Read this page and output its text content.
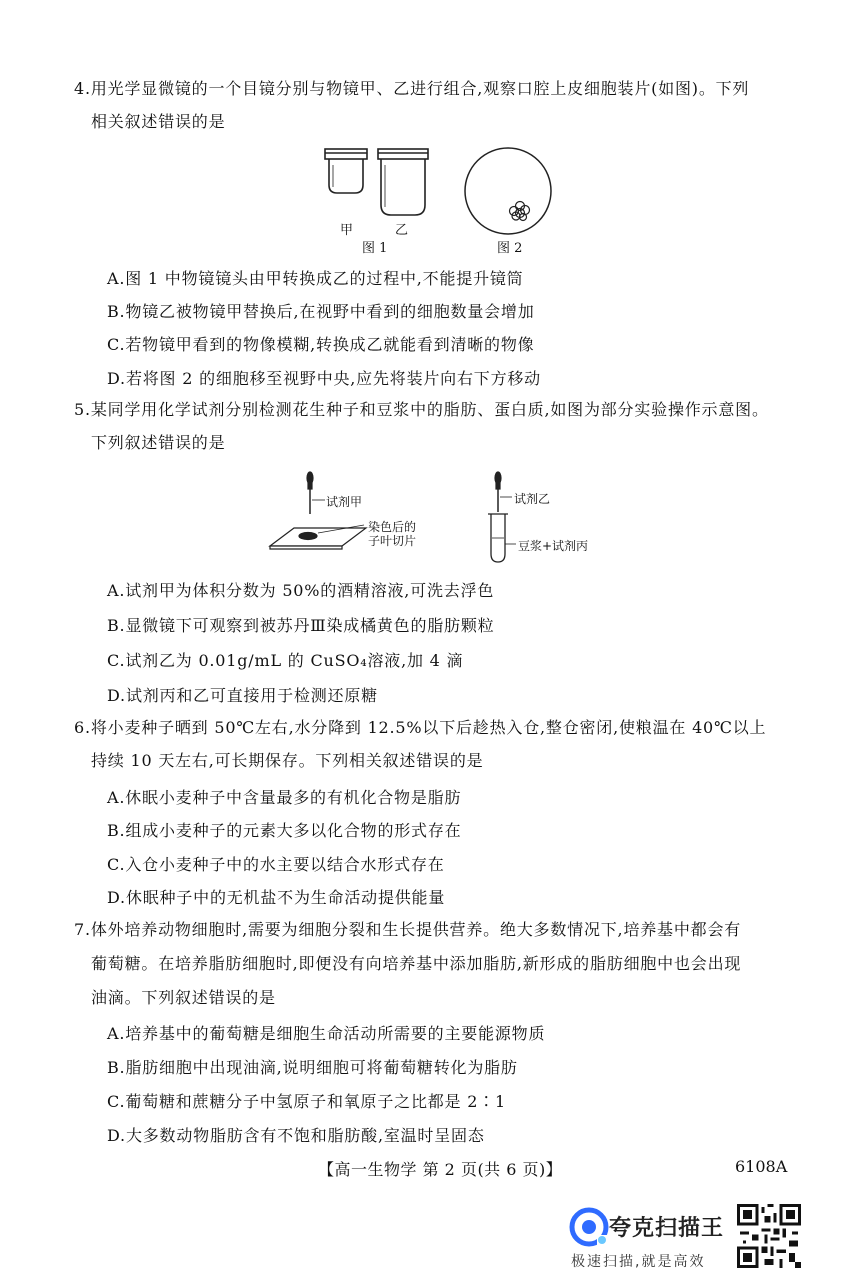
4.用光学显微镜的一个目镜分别与物镜甲、乙进行组合,观察口腔上皮细胞装片(如图)。下列
相关叙述错误的是
甲	乙
图 1	图 2
A.图 1 中物镜镜头由甲转换成乙的过程中,不能提升镜筒
B.物镜乙被物镜甲替换后,在视野中看到的细胞数量会增加
C.若物镜甲看到的物像模糊,转换成乙就能看到清晰的物像
D.若将图 2 的细胞移至视野中央,应先将装片向右下方移动
5.某同学用化学试剂分别检测花生种子和豆浆中的脂肪、蛋白质,如图为部分实验操作示意图。
下列叙述错误的是
试剂甲
染色后的
子叶切片
试剂乙
豆浆+试剂丙
A.试剂甲为体积分数为 50%的酒精溶液,可洗去浮色
B.显微镜下可观察到被苏丹Ⅲ染成橘黄色的脂肪颗粒
C.试剂乙为 0.01g/mL 的 CuSO₄溶液,加 4 滴
D.试剂丙和乙可直接用于检测还原糖
6.将小麦种子晒到 50℃左右,水分降到 12.5%以下后趁热入仓,整仓密闭,使粮温在 40℃以上
持续 10 天左右,可长期保存。下列相关叙述错误的是
A.休眠小麦种子中含量最多的有机化合物是脂肪
B.组成小麦种子的元素大多以化合物的形式存在
C.入仓小麦种子中的水主要以结合水形式存在
D.休眠种子中的无机盐不为生命活动提供能量
7.体外培养动物细胞时,需要为细胞分裂和生长提供营养。绝大多数情况下,培养基中都会有
葡萄糖。在培养脂肪细胞时,即便没有向培养基中添加脂肪,新形成的脂肪细胞中也会出现
油滴。下列叙述错误的是
A.培养基中的葡萄糖是细胞生命活动所需要的主要能源物质
B.脂肪细胞中出现油滴,说明细胞可将葡萄糖转化为脂肪
C.葡萄糖和蔗糖分子中氢原子和氧原子之比都是 2∶1
D.大多数动物脂肪含有不饱和脂肪酸,室温时呈固态
【高一生物学 第 2 页(共 6 页)】	6108A
夸克扫描王
极速扫描,就是高效
